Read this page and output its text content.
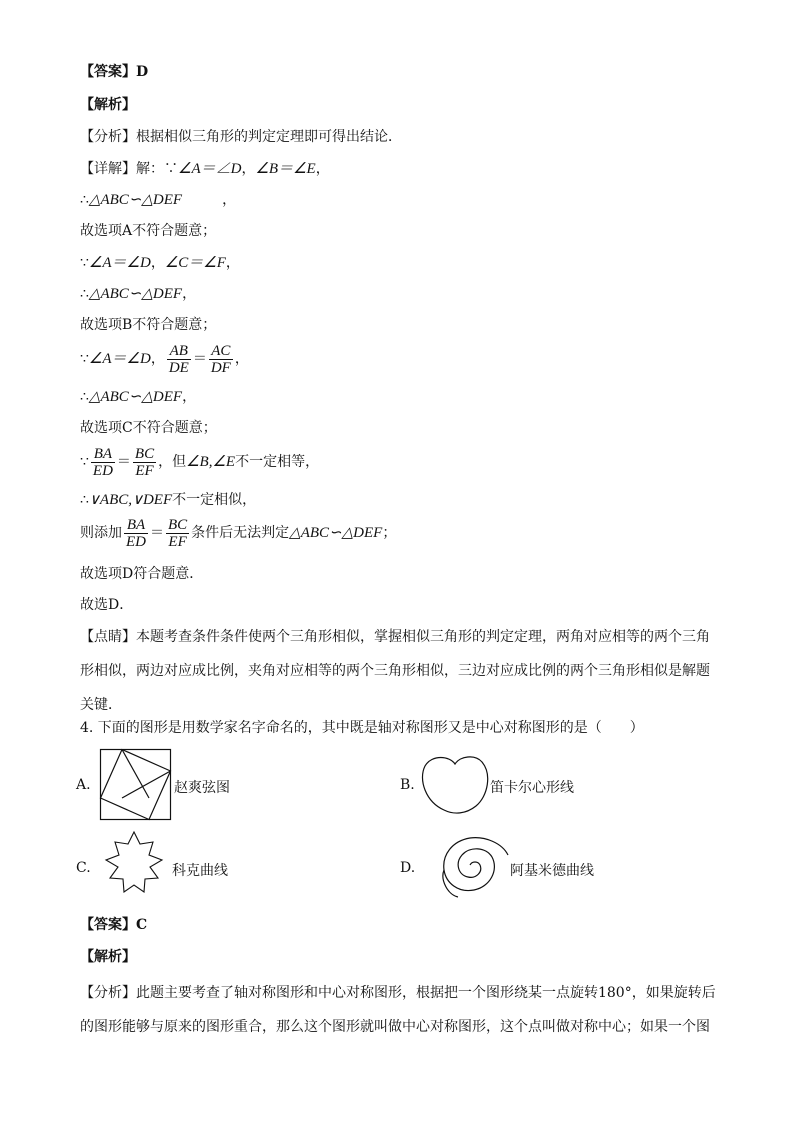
【答案】D
【解析】
【分析】根据相似三角形的判定定理即可得出结论．
【详解】解：∵∠A＝∠D，∠B＝∠E，
∴△ABC∽△DEF	，
故选项A不符合题意；
∵∠A＝∠D，∠C＝∠F，
∴△ABC∽△DEF，
故选项B不符合题意；
∵∠A＝∠D， $\frac{AB}{DE} = \frac{AC}{DF}$ ，
∴△ABC∽△DEF，
故选项C不符合题意；
∵ $\frac{BA}{ED} = \frac{BC}{EF}$ ，但∠B,∠E不一定相等，
∴∨ABC,∨DEF不一定相似，
则添加 $\frac{BA}{ED} = \frac{BC}{EF}$ 条件后无法判定△ABC∽△DEF；
故选项D符合题意．
故选D．
【点睛】本题考查条件条件使两个三角形相似，掌握相似三角形的判定定理，两角对应相等的两个三角形相似，两边对应成比例，夹角对应相等的两个三角形相似，三边对应成比例的两个三角形相似是解题关键．
4. 下面的图形是用数学家名字命名的，其中既是轴对称图形又是中心对称图形的是（　　）
A.	赵爽弦图	B.	笛卡尔心形线
C.	科克曲线	D.	阿基米德曲线
【答案】C
【解析】
【分析】此题主要考查了轴对称图形和中心对称图形，根据把一个图形绕某一点旋转180°，如果旋转后的图形能够与原来的图形重合，那么这个图形就叫做中心对称图形，这个点叫做对称中心；如果一个图
